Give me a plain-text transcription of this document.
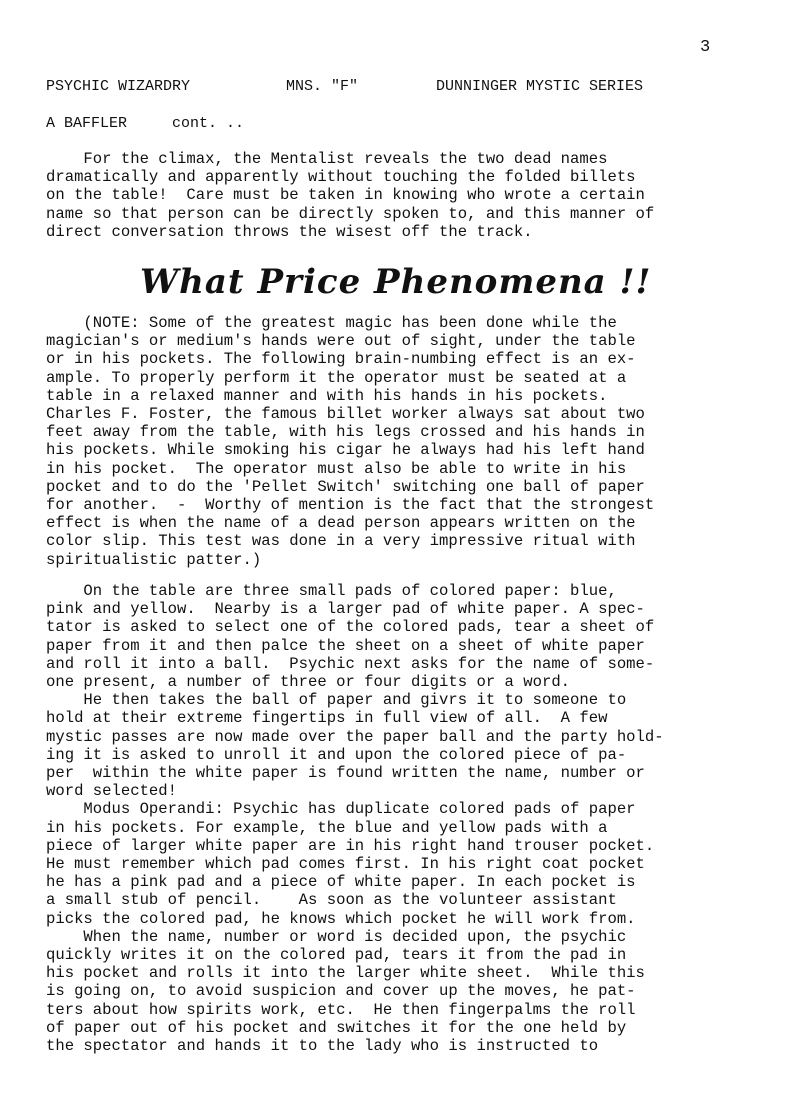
3
PSYCHIC WIZARDRY	MNS. "F"	DUNNINGER MYSTIC SERIES
A BAFFLER	cont. ..

For the climax, the Mentalist reveals the two dead names
dramatically and apparently without touching the folded billets
on the table!  Care must be taken in knowing who wrote a certain
name so that person can be directly spoken to, and this manner of
direct conversation throws the wisest off the track.

What Price Phenomena !!

(NOTE: Some of the greatest magic has been done while the
magician's or medium's hands were out of sight, under the table
or in his pockets. The following brain-numbing effect is an ex-
ample. To properly perform it the operator must be seated at a
table in a relaxed manner and with his hands in his pockets.
Charles F. Foster, the famous billet worker always sat about two
feet away from the table, with his legs crossed and his hands in
his pockets. While smoking his cigar he always had his left hand
in his pocket.  The operator must also be able to write in his
pocket and to do the 'Pellet Switch' switching one ball of paper
for another.  -  Worthy of mention is the fact that the strongest
effect is when the name of a dead person appears written on the
color slip. This test was done in a very impressive ritual with
spiritualistic patter.)

On the table are three small pads of colored paper: blue,
pink and yellow.  Nearby is a larger pad of white paper. A spec-
tator is asked to select one of the colored pads, tear a sheet of
paper from it and then palce the sheet on a sheet of white paper
and roll it into a ball.  Psychic next asks for the name of some-
one present, a number of three or four digits or a word.
He then takes the ball of paper and givrs it to someone to
hold at their extreme fingertips in full view of all.  A few
mystic passes are now made over the paper ball and the party hold-
ing it is asked to unroll it and upon the colored piece of pa-
per  within the white paper is found written the name, number or
word selected!
Modus Operandi: Psychic has duplicate colored pads of paper
in his pockets. For example, the blue and yellow pads with a
piece of larger white paper are in his right hand trouser pocket.
He must remember which pad comes first. In his right coat pocket
he has a pink pad and a piece of white paper. In each pocket is
a small stub of pencil.    As soon as the volunteer assistant
picks the colored pad, he knows which pocket he will work from.
When the name, number or word is decided upon, the psychic
quickly writes it on the colored pad, tears it from the pad in
his pocket and rolls it into the larger white sheet.  While this
is going on, to avoid suspicion and cover up the moves, he pat-
ters about how spirits work, etc.  He then fingerpalms the roll
of paper out of his pocket and switches it for the one held by
the spectator and hands it to the lady who is instructed to
